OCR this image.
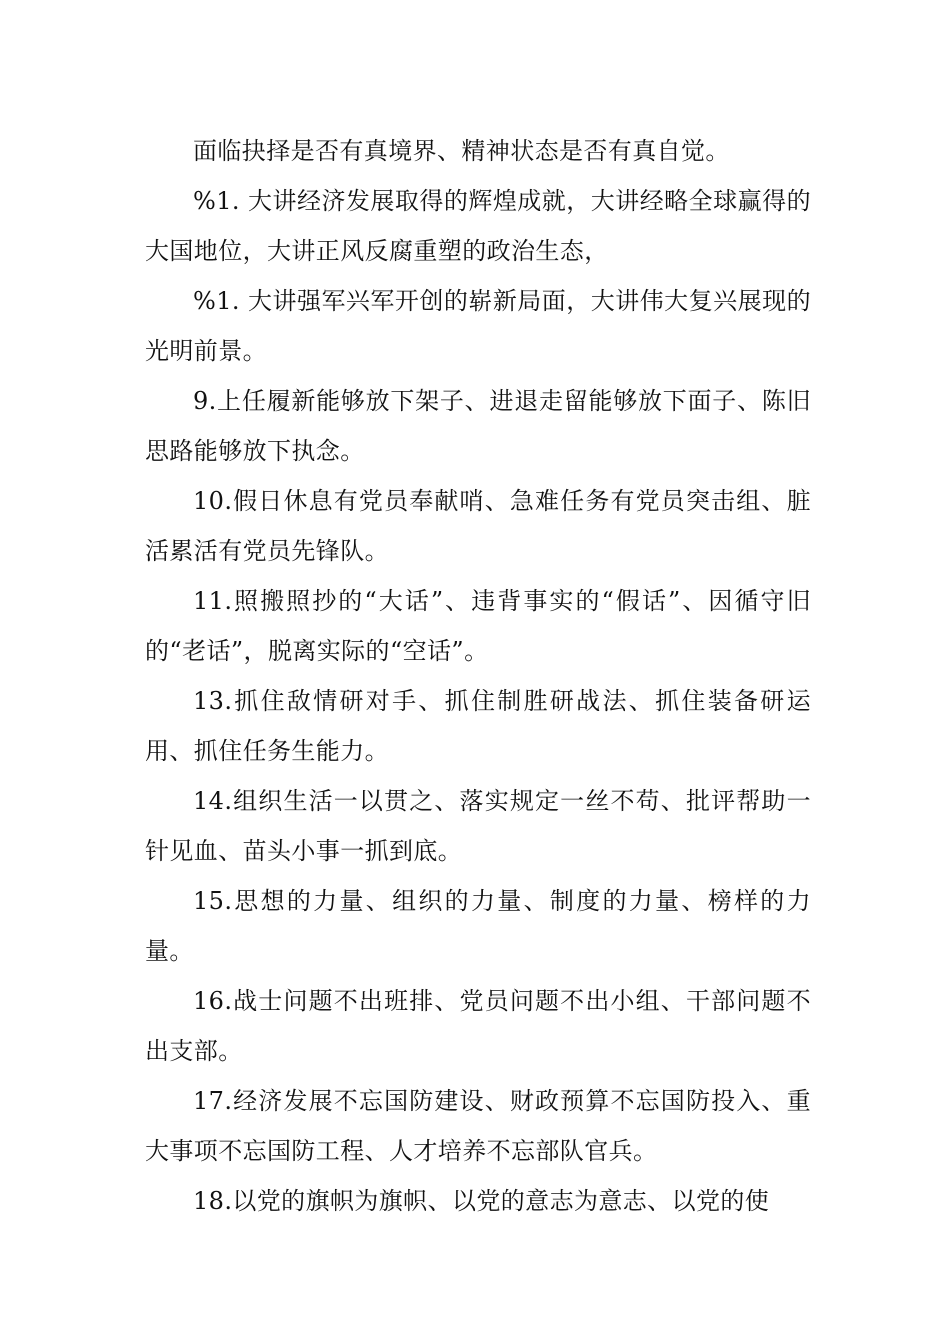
面临抉择是否有真境界、精神状态是否有真自觉。

%1. 大讲经济发展取得的辉煌成就，大讲经略全球赢得的大国地位，大讲正风反腐重塑的政治生态，

%1. 大讲强军兴军开创的崭新局面，大讲伟大复兴展现的光明前景。

9.上任履新能够放下架子、进退走留能够放下面子、陈旧思路能够放下执念。

10.假日休息有党员奉献哨、急难任务有党员突击组、脏活累活有党员先锋队。

11.照搬照抄的“大话”、违背事实的“假话”、因循守旧的“老话”，脱离实际的“空话”。

13.抓住敌情研对手、抓住制胜研战法、抓住装备研运用、抓住任务生能力。

14.组织生活一以贯之、落实规定一丝不苟、批评帮助一针见血、苗头小事一抓到底。

15.思想的力量、组织的力量、制度的力量、榜样的力量。

16.战士问题不出班排、党员问题不出小组、干部问题不出支部。

17.经济发展不忘国防建设、财政预算不忘国防投入、重大事项不忘国防工程、人才培养不忘部队官兵。

18.以党的旗帜为旗帜、以党的意志为意志、以党的使
